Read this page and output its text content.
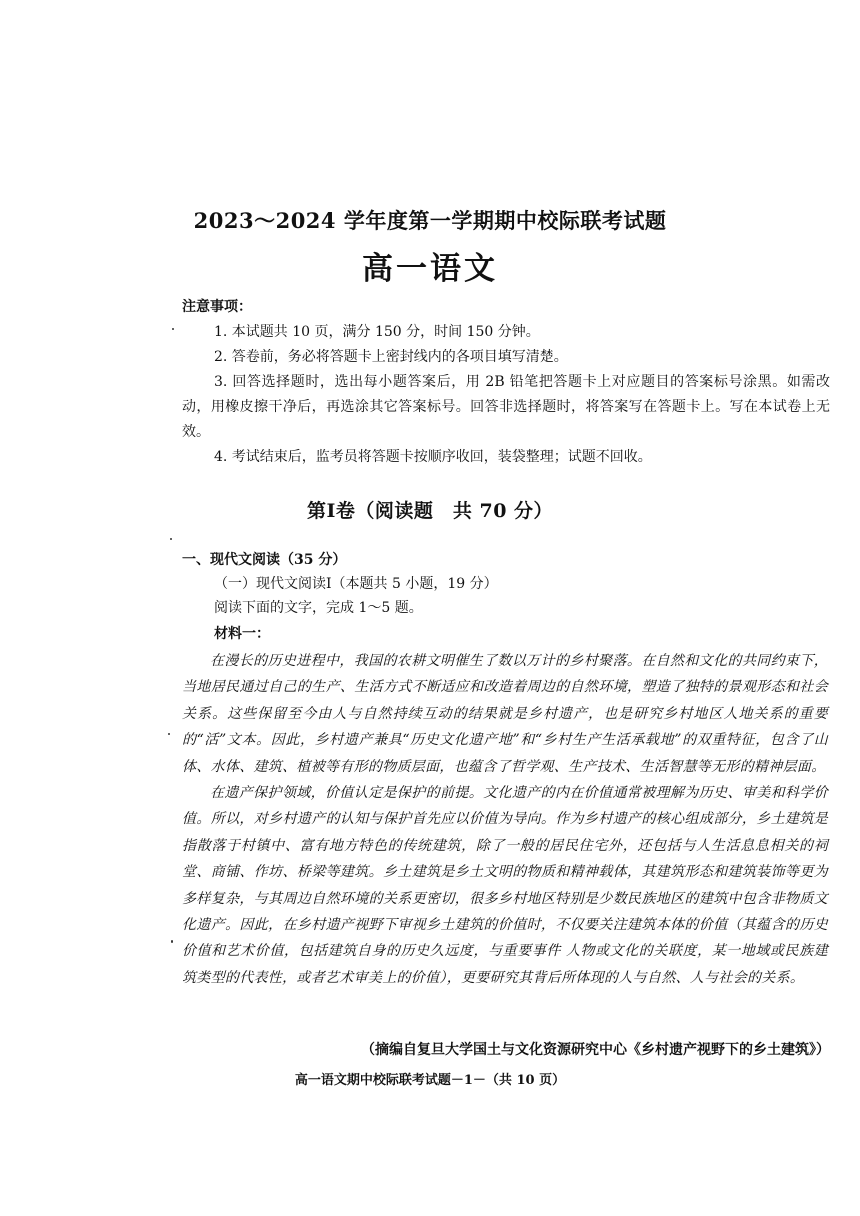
2023～2024 学年度第一学期期中校际联考试题
高一语文
注意事项：
1. 本试题共 10 页，满分 150 分，时间 150 分钟。
2. 答卷前，务必将答题卡上密封线内的各项目填写清楚。
3. 回答选择题时，选出每小题答案后，用 2B 铅笔把答题卡上对应题目的答案标号涂黑。如需改动，用橡皮擦干净后，再选涂其它答案标号。回答非选择题时，将答案写在答题卡上。写在本试卷上无效。
4. 考试结束后，监考员将答题卡按顺序收回，装袋整理；试题不回收。
第Ⅰ卷（阅读题　共 70 分）
一、现代文阅读（35 分）
（一）现代文阅读Ⅰ（本题共 5 小题，19 分）
阅读下面的文字，完成 1～5 题。
材料一：

在漫长的历史进程中，我国的农耕文明催生了数以万计的乡村聚落。在自然和文化的共同约束下，当地居民通过自己的生产、生活方式不断适应和改造着周边的自然环境，塑造了独特的景观形态和社会关系。这些保留至今由人与自然持续互动的结果就是乡村遗产，也是研究乡村地区人地关系的重要的“活”文本。因此，乡村遗产兼具“历史文化遗产地”和“乡村生产生活承载地”的双重特征，包含了山体、水体、建筑、植被等有形的物质层面，也蕴含了哲学观、生产技术、生活智慧等无形的精神层面。

在遗产保护领域，价值认定是保护的前提。文化遗产的内在价值通常被理解为历史、审美和科学价值。所以，对乡村遗产的认知与保护首先应以价值为导向。作为乡村遗产的核心组成部分，乡土建筑是指散落于村镇中、富有地方特色的传统建筑，除了一般的居民住宅外，还包括与人生活息息相关的祠堂、商铺、作坊、桥梁等建筑。乡土建筑是乡土文明的物质和精神载体，其建筑形态和建筑装饰等更为多样复杂，与其周边自然环境的关系更密切，很多乡村地区特别是少数民族地区的建筑中包含非物质文化遗产。因此，在乡村遗产视野下审视乡土建筑的价值时，不仅要关注建筑本体的价值（其蕴含的历史价值和艺术价值，包括建筑自身的历史久远度，与重要事件 人物或文化的关联度，某一地域或民族建筑类型的代表性，或者艺术审美上的价值），更要研究其背后所体现的人与自然、人与社会的关系。

（摘编自复旦大学国土与文化资源研究中心《乡村遗产视野下的乡土建筑》）
高一语文期中校际联考试题－1－（共 10 页）
